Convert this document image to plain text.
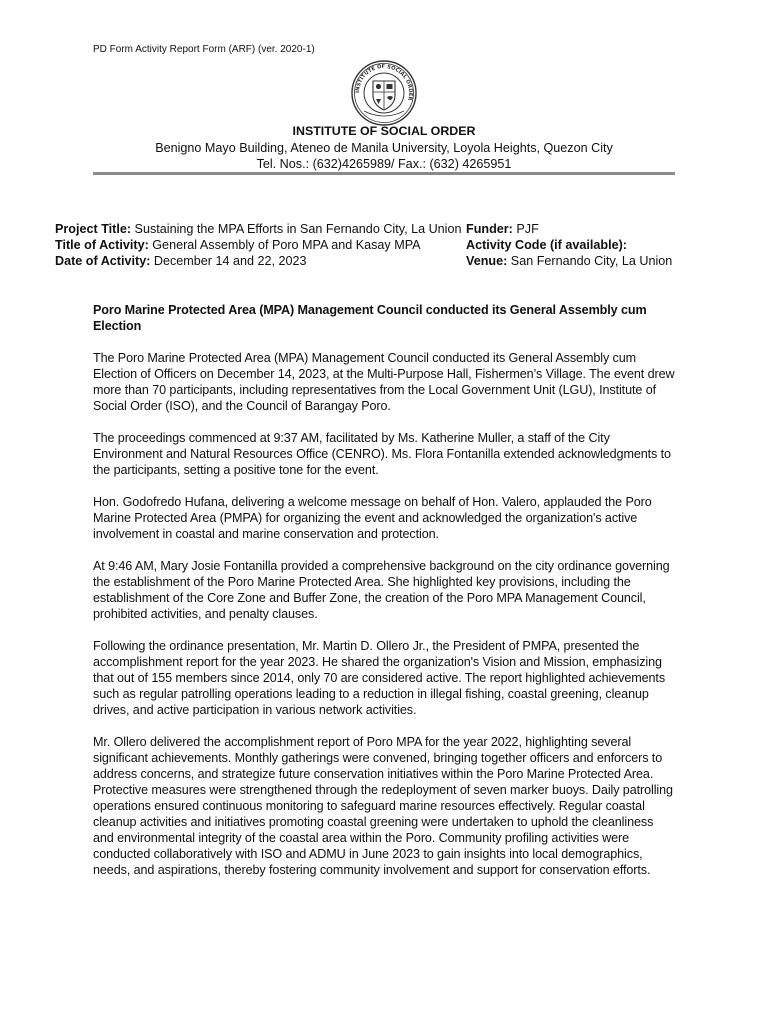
PD Form Activity Report Form (ARF) (ver. 2020-1)
INSTITUTE OF SOCIAL ORDER
INSTITUTE OF SOCIAL ORDER
Benigno Mayo Building, Ateneo de Manila University, Loyola Heights, Quezon City
Tel. Nos.: (632)4265989/ Fax.: (632) 4265951
Project Title: Sustaining the MPA Efforts in San Fernando City, La Union Funder: PJF
Title of Activity: General Assembly of Poro MPA and Kasay MPA	Activity Code (if available):
Date of Activity: December 14 and 22, 2023	Venue: San Fernando City, La Union
Poro Marine Protected Area (MPA) Management Council conducted its General Assembly cum Election

The Poro Marine Protected Area (MPA) Management Council conducted its General Assembly cum Election of Officers on December 14, 2023, at the Multi-Purpose Hall, Fishermen’s Village. The event drew more than 70 participants, including representatives from the Local Government Unit (LGU), Institute of Social Order (ISO), and the Council of Barangay Poro.

The proceedings commenced at 9:37 AM, facilitated by Ms. Katherine Muller, a staff of the City Environment and Natural Resources Office (CENRO). Ms. Flora Fontanilla extended acknowledgments to the participants, setting a positive tone for the event.

Hon. Godofredo Hufana, delivering a welcome message on behalf of Hon. Valero, applauded the Poro Marine Protected Area (PMPA) for organizing the event and acknowledged the organization's active involvement in coastal and marine conservation and protection.

At 9:46 AM, Mary Josie Fontanilla provided a comprehensive background on the city ordinance governing the establishment of the Poro Marine Protected Area. She highlighted key provisions, including the establishment of the Core Zone and Buffer Zone, the creation of the Poro MPA Management Council, prohibited activities, and penalty clauses.

Following the ordinance presentation, Mr. Martin D. Ollero Jr., the President of PMPA, presented the accomplishment report for the year 2023. He shared the organization's Vision and Mission, emphasizing that out of 155 members since 2014, only 70 are considered active. The report highlighted achievements such as regular patrolling operations leading to a reduction in illegal fishing, coastal greening, cleanup drives, and active participation in various network activities.

Mr. Ollero delivered the accomplishment report of Poro MPA for the year 2022, highlighting several significant achievements. Monthly gatherings were convened, bringing together officers and enforcers to address concerns, and strategize future conservation initiatives within the Poro Marine Protected Area. Protective measures were strengthened through the redeployment of seven marker buoys. Daily patrolling operations ensured continuous monitoring to safeguard marine resources effectively. Regular coastal cleanup activities and initiatives promoting coastal greening were undertaken to uphold the cleanliness and environmental integrity of the coastal area within the Poro. Community profiling activities were conducted collaboratively with ISO and ADMU in June 2023 to gain insights into local demographics, needs, and aspirations, thereby fostering community involvement and support for conservation efforts.
